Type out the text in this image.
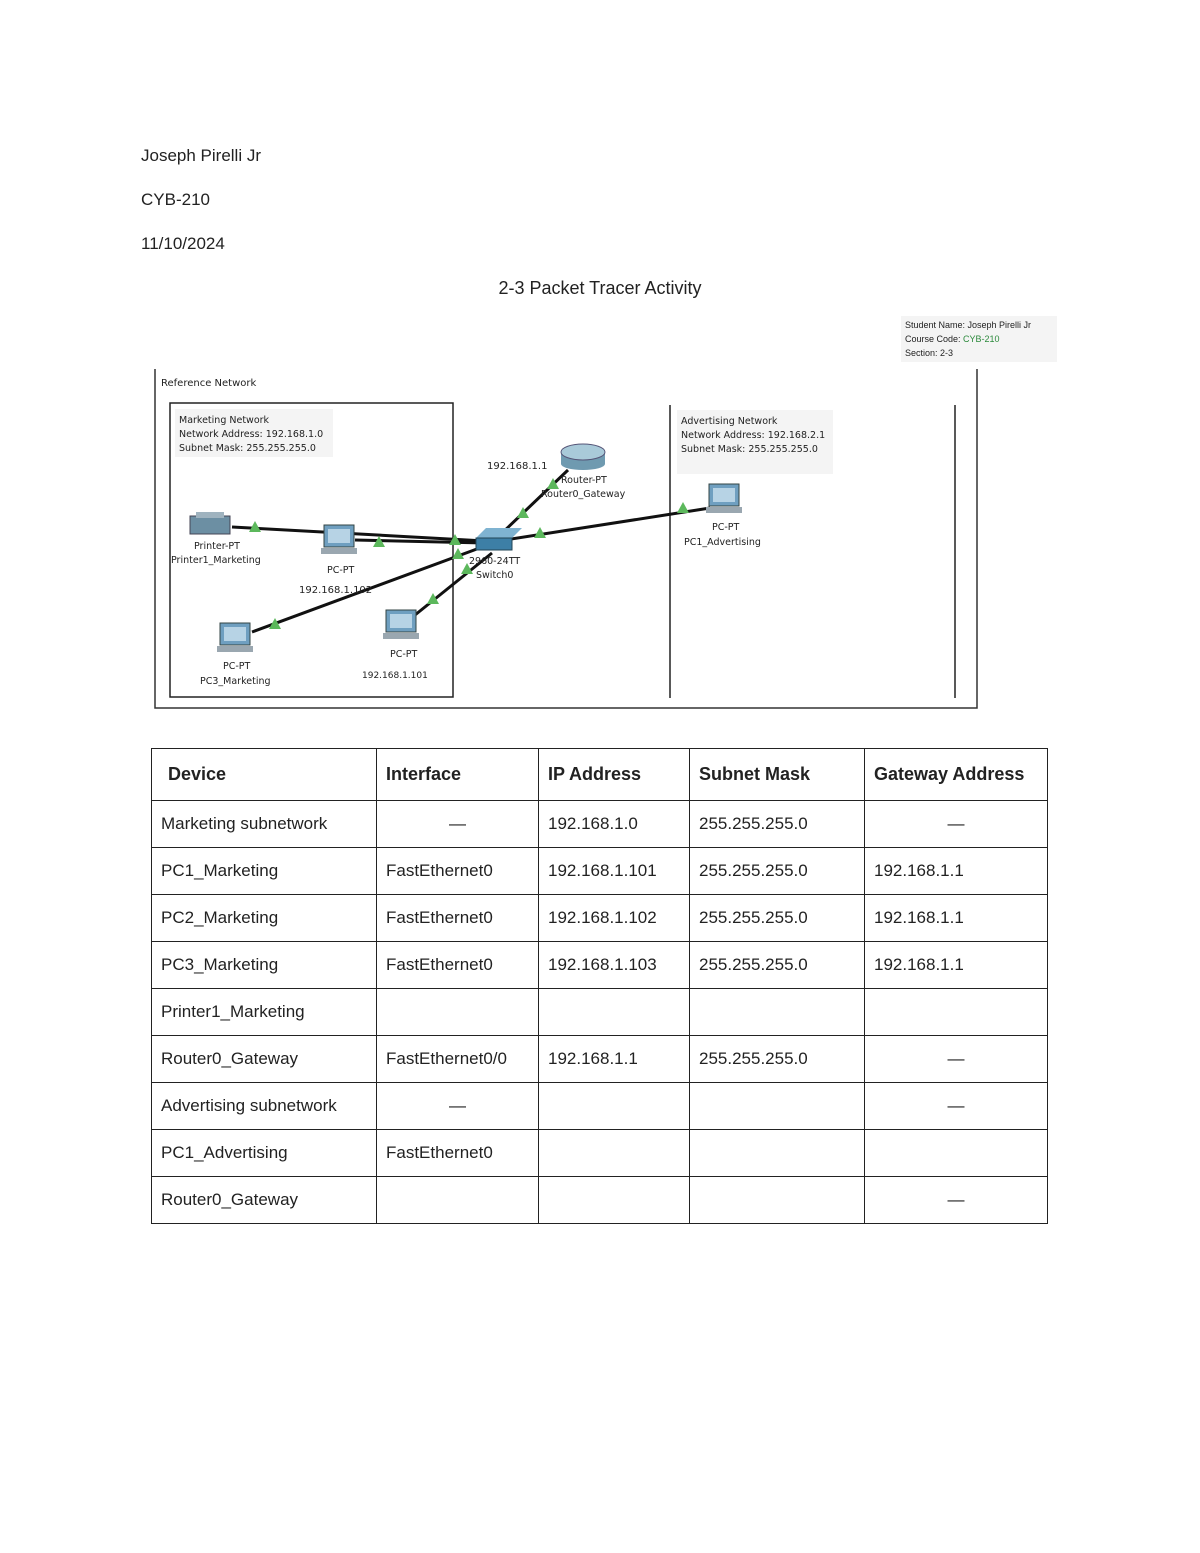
Joseph Pirelli Jr
CYB-210
11/10/2024
2-3 Packet Tracer Activity
Student Name: Joseph Pirelli Jr
Course Code: CYB-210
Section: 2-3
Reference Network
Marketing Network
Network Address: 192.168.1.0
Subnet Mask: 255.255.255.0
Advertising Network
Network Address: 192.168.2.1
Subnet Mask: 255.255.255.0
Printer-PT
Printer1_Marketing
PC-PT
192.168.1.102
PC-PT
PC3_Marketing
PC-PT
192.168.1.101
2960-24TT
Switch0
192.168.1.1
Router-PT
Router0_Gateway
PC-PT
PC1_Advertising
Device	Interface	IP Address	Subnet Mask	Gateway Address
Marketing subnetwork	—	192.168.1.0	255.255.255.0	—
PC1_Marketing	FastEthernet0	192.168.1.101	255.255.255.0	192.168.1.1
PC2_Marketing	FastEthernet0	192.168.1.102	255.255.255.0	192.168.1.1
PC3_Marketing	FastEthernet0	192.168.1.103	255.255.255.0	192.168.1.1
Printer1_Marketing				
Router0_Gateway	FastEthernet0/0	192.168.1.1	255.255.255.0	—
Advertising subnetwork	—			—
PC1_Advertising	FastEthernet0			
Router0_Gateway				—
